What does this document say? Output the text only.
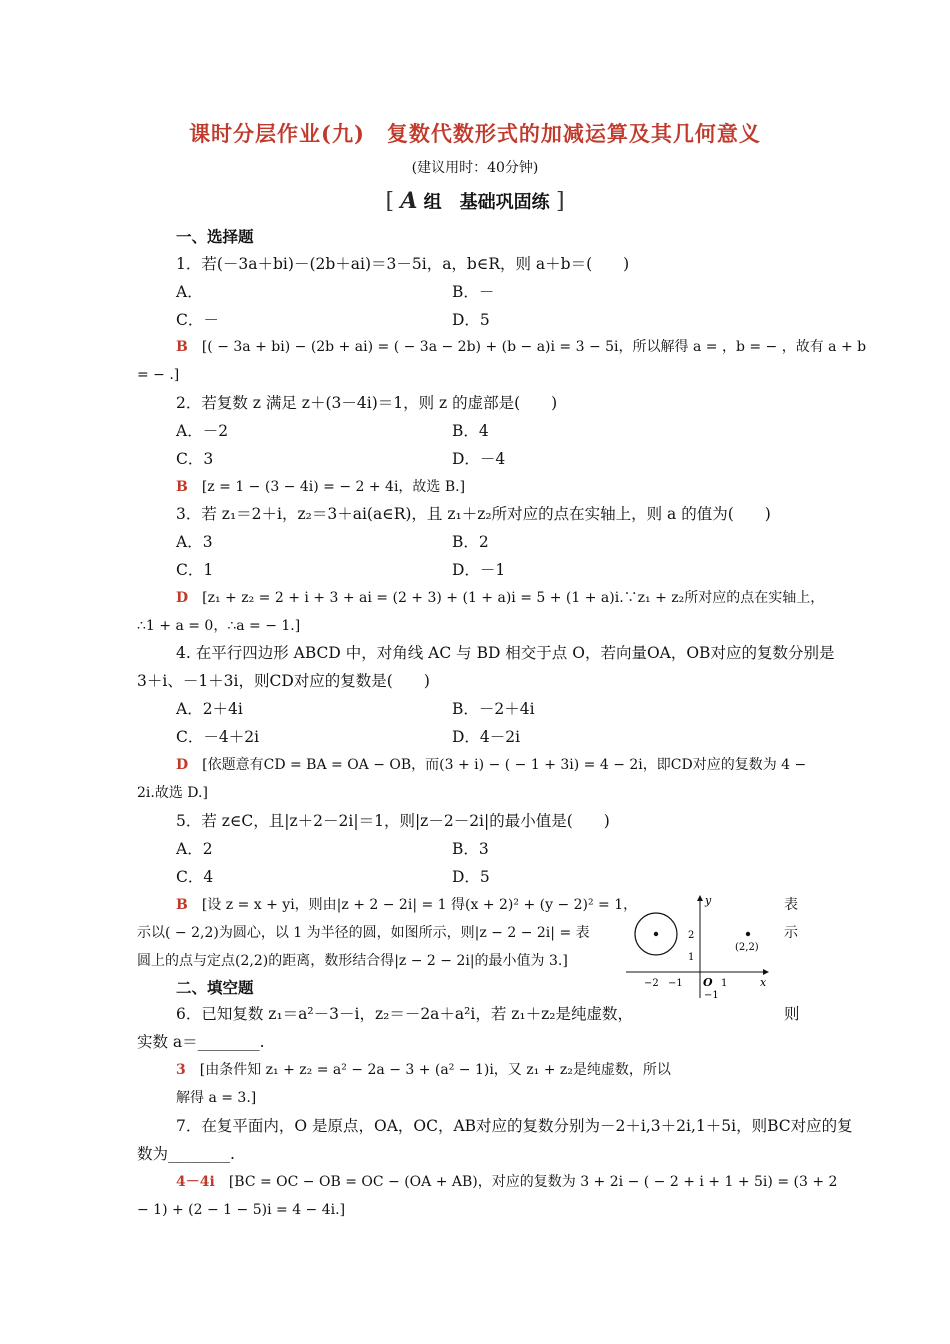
课时分层作业(九)　复数代数形式的加减运算及其几何意义
(建议用时：40分钟)
[ A 组　基础巩固练 ]
一、选择题
1．若(－3a＋bi)－(2b＋ai)＝3－5i，a，b∈R，则 a＋b＝(　　)
A．	B．－
C．－	D．5
B　 [( − 3a + bi) − (2b + ai) = ( − 3a − 2b) + (b − a)i = 3 − 5i，所以解得 a = ，b = − ，故有 a + b
= − .]
2．若复数 z 满足 z＋(3－4i)＝1，则 z 的虚部是(　　)
A．－2	B．4
C．3	D．－4
B　 [z = 1 − (3 − 4i) = − 2 + 4i，故选 B.]
3．若 z₁＝2＋i，z₂＝3＋ai(a∈R)，且 z₁＋z₂所对应的点在实轴上，则 a 的值为(　　)
A．3	B．2
C．1	D．－1
D　 [z₁ + z₂ = 2 + i + 3 + ai = (2 + 3) + (1 + a)i = 5 + (1 + a)i.∵z₁ + z₂所对应的点在实轴上，
∴1 + a = 0，∴a = − 1.]
4. 在平行四边形 ABCD 中，对角线 AC 与 BD 相交于点 O，若向量OA，OB对应的复数分别是
3＋i、－1＋3i，则CD对应的复数是(　　)
A．2＋4i	B．－2＋4i
C．－4＋2i	D．4－2i
D　 [依题意有CD = BA = OA − OB，而(3 + i) − ( − 1 + 3i) = 4 − 2i，即CD对应的复数为 4 −
2i.故选 D.]
5．若 z∈C，且|z＋2－2i|＝1，则|z－2－2i|的最小值是(　　)
A．2	B．3
C．4	D．5
B　 [设 z = x + yi，则由|z + 2 − 2i| = 1 得(x + 2)² + (y − 2)² = 1，	表
示以( − 2,2)为圆心，以 1 为半径的圆，如图所示，则|z − 2 − 2i| = 表	示
圆上的点与定点(2,2)的距离，数形结合得|z − 2 − 2i|的最小值为 3.]
y
x
O
−2 −1	1
2
1
−1
(2,2)
二、填空题
6．已知复数 z₁＝a²－3－i，z₂＝－2a＋a²i，若 z₁＋z₂是纯虚数，	则
实数 a＝________.
3　 [由条件知 z₁ + z₂ = a² − 2a − 3 + (a² − 1)i，又 z₁ + z₂是纯虚数，所以
解得 a = 3.]
7．在复平面内，O 是原点，OA，OC，AB对应的复数分别为－2＋i,3＋2i,1＋5i，则BC对应的复
数为________.
4－4i　 [BC = OC − OB = OC − (OA + AB)，对应的复数为 3 + 2i − ( − 2 + i + 1 + 5i) = (3 + 2
− 1) + (2 − 1 − 5)i = 4 − 4i.]
